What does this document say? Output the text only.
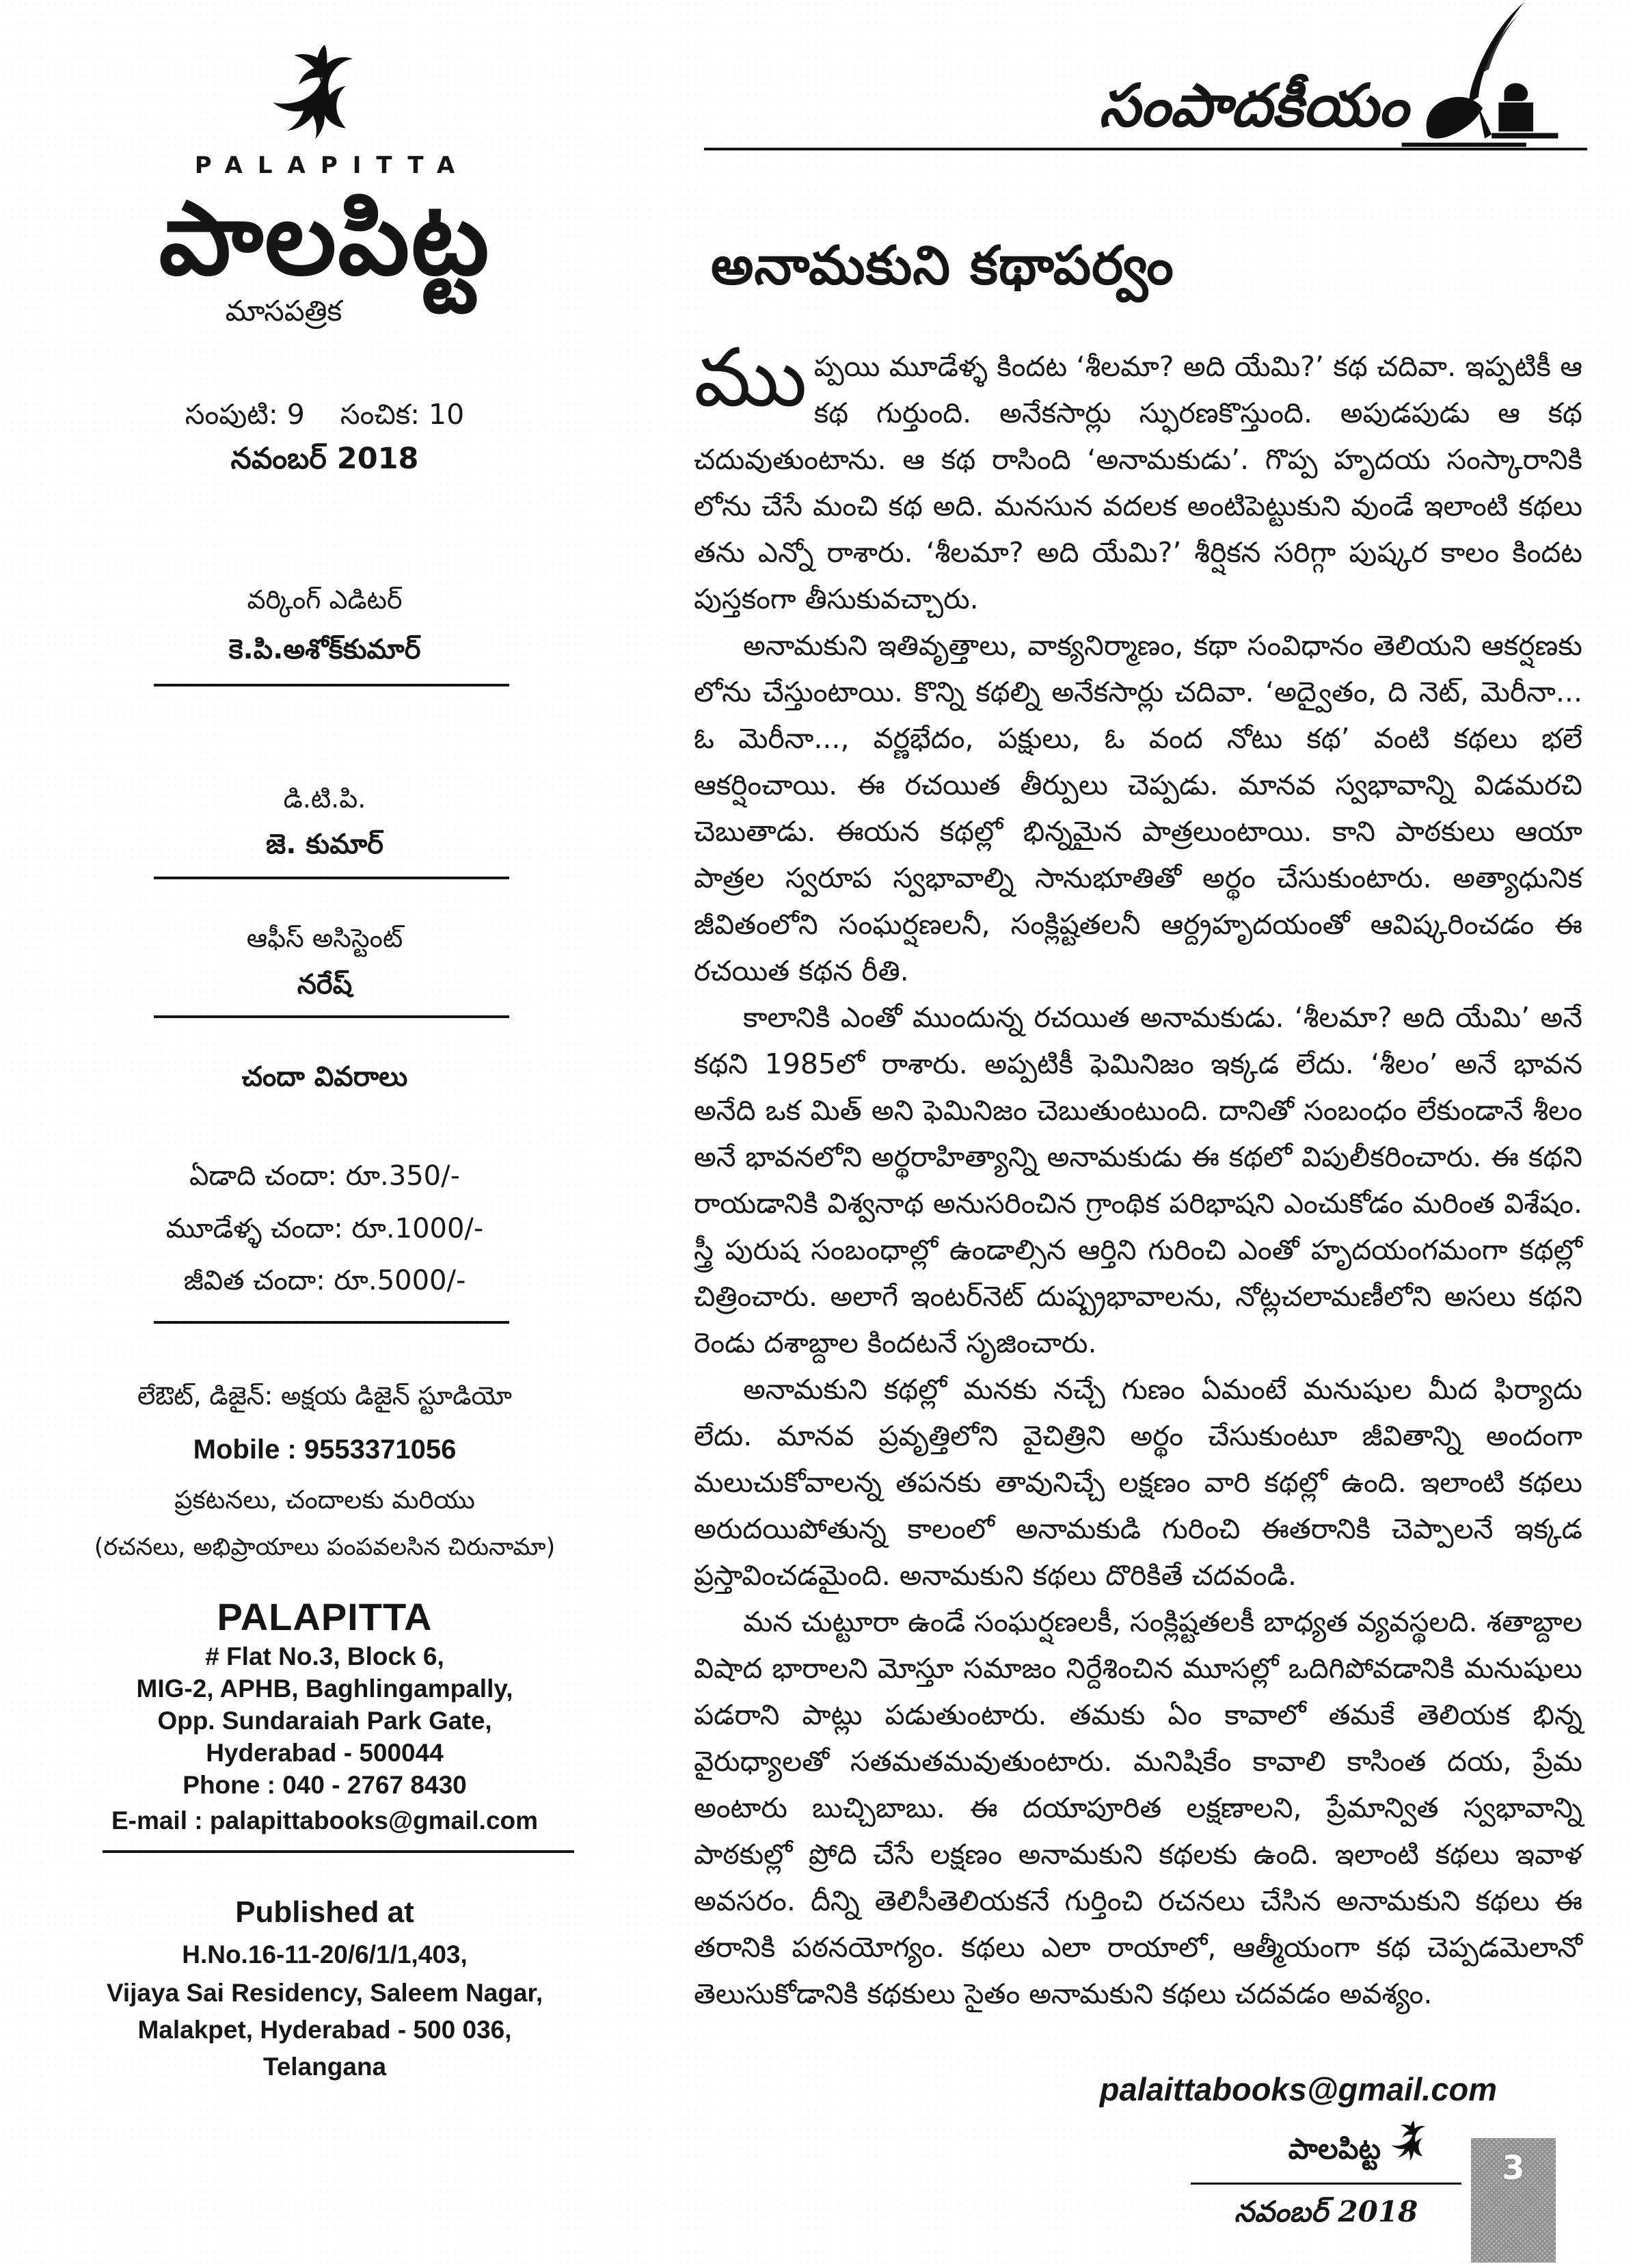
PALAPITTA
పాలపిట్ట
మాసపత్రిక
సంపుటి: 9 సంచిక: 10
నవంబర్ 2018
వర్కింగ్ ఎడిటర్
కె.పి.అశోక్‌కుమార్
డి.టి.పి.
జె. కుమార్
ఆఫీస్ అసిస్టెంట్
నరేష్
చందా వివరాలు
ఏడాది చందా: రూ.350/-
మూడేళ్ళ చందా: రూ.1000/-
జీవిత చందా: రూ.5000/-
లేఔట్, డిజైన్: అక్షయ డిజైన్ స్టూడియో
Mobile : 9553371056
ప్రకటనలు, చందాలకు మరియు
(రచనలు, అభిప్రాయాలు పంపవలసిన చిరునామా)
PALAPITTA
# Flat No.3, Block 6,
MIG-2, APHB, Baghlingampally,
Opp. Sundaraiah Park Gate,
Hyderabad - 500044
Phone : 040 - 2767 8430
E-mail : palapittabooks@gmail.com
Published at
H.No.16-11-20/6/1/1,403,
Vijaya Sai Residency, Saleem Nagar,
Malakpet, Hyderabad - 500 036,
Telangana
సంపాదకీయం
అనామకుని కథాపర్వం

ముప్పయి మూడేళ్ళ కిందట ‘శీలమా? అది యేమి?’ కథ చదివా. ఇప్పటికీ ఆ కథ గుర్తుంది. అనేకసార్లు స్ఫురణకొస్తుంది. అపుడపుడు ఆ కథ చదువుతుంటాను. ఆ కథ రాసింది ‘అనామకుడు’. గొప్ప హృదయ సంస్కారానికి లోను చేసే మంచి కథ అది. మనసున వదలక అంటిపెట్టుకుని వుండే ఇలాంటి కథలు తను ఎన్నో రాశారు. ‘శీలమా? అది యేమి?’ శీర్షికన సరిగ్గా పుష్కర కాలం కిందట పుస్తకంగా తీసుకువచ్చారు.

అనామకుని ఇతివృత్తాలు, వాక్యనిర్మాణం, కథా సంవిధానం తెలియని ఆకర్షణకు లోను చేస్తుంటాయి. కొన్ని కథల్ని అనేకసార్లు చదివా. ‘అద్వైతం, ది నెట్, మెరీనా... ఓ మెరీనా..., వర్ణభేదం, పక్షులు, ఓ వంద నోటు కథ’ వంటి కథలు భలే ఆకర్షించాయి. ఈ రచయిత తీర్పులు చెప్పడు. మానవ స్వభావాన్ని విడమరచి చెబుతాడు. ఈయన కథల్లో భిన్నమైన పాత్రలుంటాయి. కాని పాఠకులు ఆయా పాత్రల స్వరూప స్వభావాల్ని సానుభూతితో అర్థం చేసుకుంటారు. అత్యాధునిక జీవితంలోని సంఘర్షణలనీ, సంక్లిష్టతలనీ ఆర్ద్రహృదయంతో ఆవిష్కరించడం ఈ రచయిత కథన రీతి.

కాలానికి ఎంతో ముందున్న రచయిత అనామకుడు. ‘శీలమా? అది యేమి’ అనే కథని 1985లో రాశారు. అప్పటికీ ఫెమినిజం ఇక్కడ లేదు. ‘శీలం’ అనే భావన అనేది ఒక మిత్ అని ఫెమినిజం చెబుతుంటుంది. దానితో సంబంధం లేకుండానే శీలం అనే భావనలోని అర్థరాహిత్యాన్ని అనామకుడు ఈ కథలో విపులీకరించారు. ఈ కథని రాయడానికి విశ్వనాథ అనుసరించిన గ్రాంథిక పరిభాషని ఎంచుకోడం మరింత విశేషం. స్త్రీ పురుష సంబంధాల్లో ఉండాల్సిన ఆర్తిని గురించి ఎంతో హృదయంగమంగా కథల్లో చిత్రించారు. అలాగే ఇంటర్‌నెట్ దుష్ప్రభావాలను, నోట్లచలామణీలోని అసలు కథని రెండు దశాబ్దాల కిందటనే సృజించారు.

అనామకుని కథల్లో మనకు నచ్చే గుణం ఏమంటే మనుషుల మీద ఫిర్యాదు లేదు. మానవ ప్రవృత్తిలోని వైచిత్రిని అర్థం చేసుకుంటూ జీవితాన్ని అందంగా మలుచుకోవాలన్న తపనకు తావునిచ్చే లక్షణం వారి కథల్లో ఉంది. ఇలాంటి కథలు అరుదయిపోతున్న కాలంలో అనామకుడి గురించి ఈతరానికి చెప్పాలనే ఇక్కడ ప్రస్తావించడమైంది. అనామకుని కథలు దొరికితే చదవండి.

మన చుట్టూరా ఉండే సంఘర్షణలకీ, సంక్లిష్టతలకీ బాధ్యత వ్యవస్థలది. శతాబ్దాల విషాద భారాలని మోస్తూ సమాజం నిర్దేశించిన మూసల్లో ఒదిగిపోవడానికి మనుషులు పడరాని పాట్లు పడుతుంటారు. తమకు ఏం కావాలో తమకే తెలియక భిన్న వైరుధ్యాలతో సతమతమవుతుంటారు. మనిషికేం కావాలి కాసింత దయ, ప్రేమ అంటారు బుచ్చిబాబు. ఈ దయాపూరిత లక్షణాలని, ప్రేమాన్విత స్వభావాన్ని పాఠకుల్లో ప్రోది చేసే లక్షణం అనామకుని కథలకు ఉంది. ఇలాంటి కథలు ఇవాళ అవసరం. దీన్ని తెలిసీతెలియకనే గుర్తించి రచనలు చేసిన అనామకుని కథలు ఈ తరానికి పఠనయోగ్యం. కథలు ఎలా రాయాలో, ఆత్మీయంగా కథ చెప్పడమెలానో తెలుసుకోడానికి కథకులు సైతం అనామకుని కథలు చదవడం అవశ్యం.

palaittabooks@gmail.com
పాలపిట్ట
నవంబర్ 2018
3
